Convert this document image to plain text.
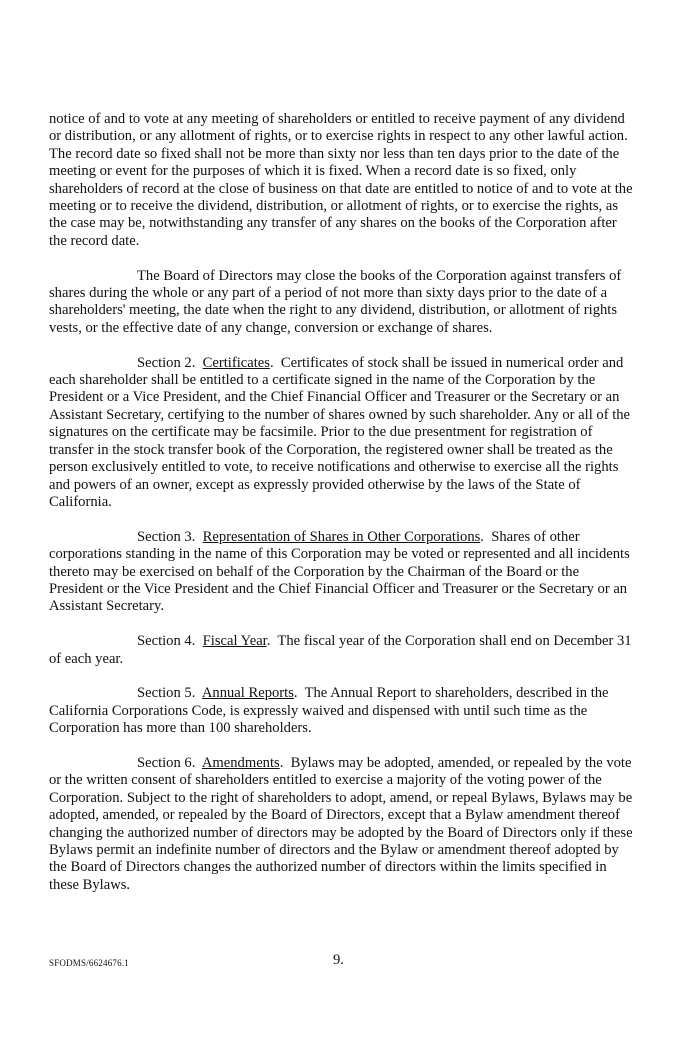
notice of and to vote at any meeting of shareholders or entitled to receive payment of any dividend or distribution, or any allotment of rights, or to exercise rights in respect to any other lawful action. The record date so fixed shall not be more than sixty nor less than ten days prior to the date of the meeting or event for the purposes of which it is fixed. When a record date is so fixed, only shareholders of record at the close of business on that date are entitled to notice of and to vote at the meeting or to receive the dividend, distribution, or allotment of rights, or to exercise the rights, as the case may be, notwithstanding any transfer of any shares on the books of the Corporation after the record date.

The Board of Directors may close the books of the Corporation against transfers of shares during the whole or any part of a period of not more than sixty days prior to the date of a shareholders' meeting, the date when the right to any dividend, distribution, or allotment of rights vests, or the effective date of any change, conversion or exchange of shares.

Section 2. Certificates.  Certificates of stock shall be issued in numerical order and each shareholder shall be entitled to a certificate signed in the name of the Corporation by the President or a Vice President, and the Chief Financial Officer and Treasurer or the Secretary or an Assistant Secretary, certifying to the number of shares owned by such shareholder. Any or all of the signatures on the certificate may be facsimile. Prior to the due presentment for registration of transfer in the stock transfer book of the Corporation, the registered owner shall be treated as the person exclusively entitled to vote, to receive notifications and otherwise to exercise all the rights and powers of an owner, except as expressly provided otherwise by the laws of the State of California.

Section 3. Representation of Shares in Other Corporations.  Shares of other corporations standing in the name of this Corporation may be voted or represented and all incidents thereto may be exercised on behalf of the Corporation by the Chairman of the Board or the President or the Vice President and the Chief Financial Officer and Treasurer or the Secretary or an Assistant Secretary.

Section 4. Fiscal Year.  The fiscal year of the Corporation shall end on December 31 of each year.

Section 5. Annual Reports.  The Annual Report to shareholders, described in the California Corporations Code, is expressly waived and dispensed with until such time as the Corporation has more than 100 shareholders.

Section 6. Amendments.  Bylaws may be adopted, amended, or repealed by the vote or the written consent of shareholders entitled to exercise a majority of the voting power of the Corporation. Subject to the right of shareholders to adopt, amend, or repeal Bylaws, Bylaws may be adopted, amended, or repealed by the Board of Directors, except that a Bylaw amendment thereof changing the authorized number of directors may be adopted by the Board of Directors only if these Bylaws permit an indefinite number of directors and the Bylaw or amendment thereof adopted by the Board of Directors changes the authorized number of directors within the limits specified in these Bylaws.

SFODMS/6624676.1	9.
